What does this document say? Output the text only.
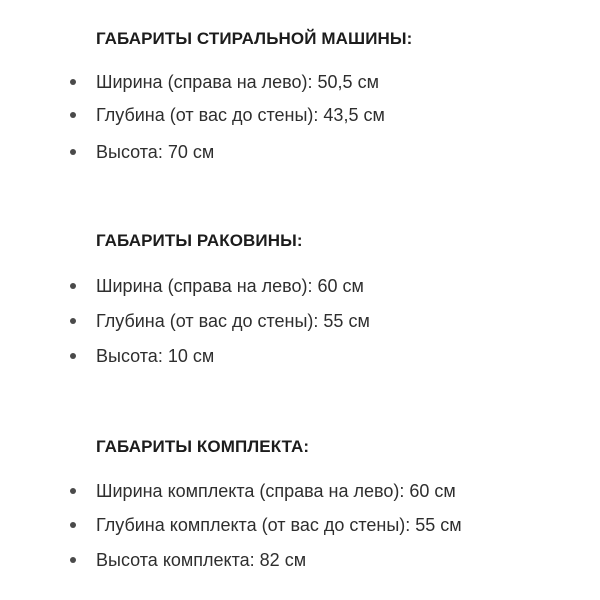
ГАБАРИТЫ СТИРАЛЬНОЙ МАШИНЫ:
Ширина (справа на лево): 50,5 см
Глубина (от вас до стены): 43,5 см
Высота: 70 см
ГАБАРИТЫ РАКОВИНЫ:
Ширина (справа на лево): 60 см
Глубина (от вас до стены): 55 см
Высота: 10 см
ГАБАРИТЫ КОМПЛЕКТА:
Ширина комплекта (справа на лево): 60 см
Глубина комплекта (от вас до стены): 55 см
Высота комплекта: 82 см
